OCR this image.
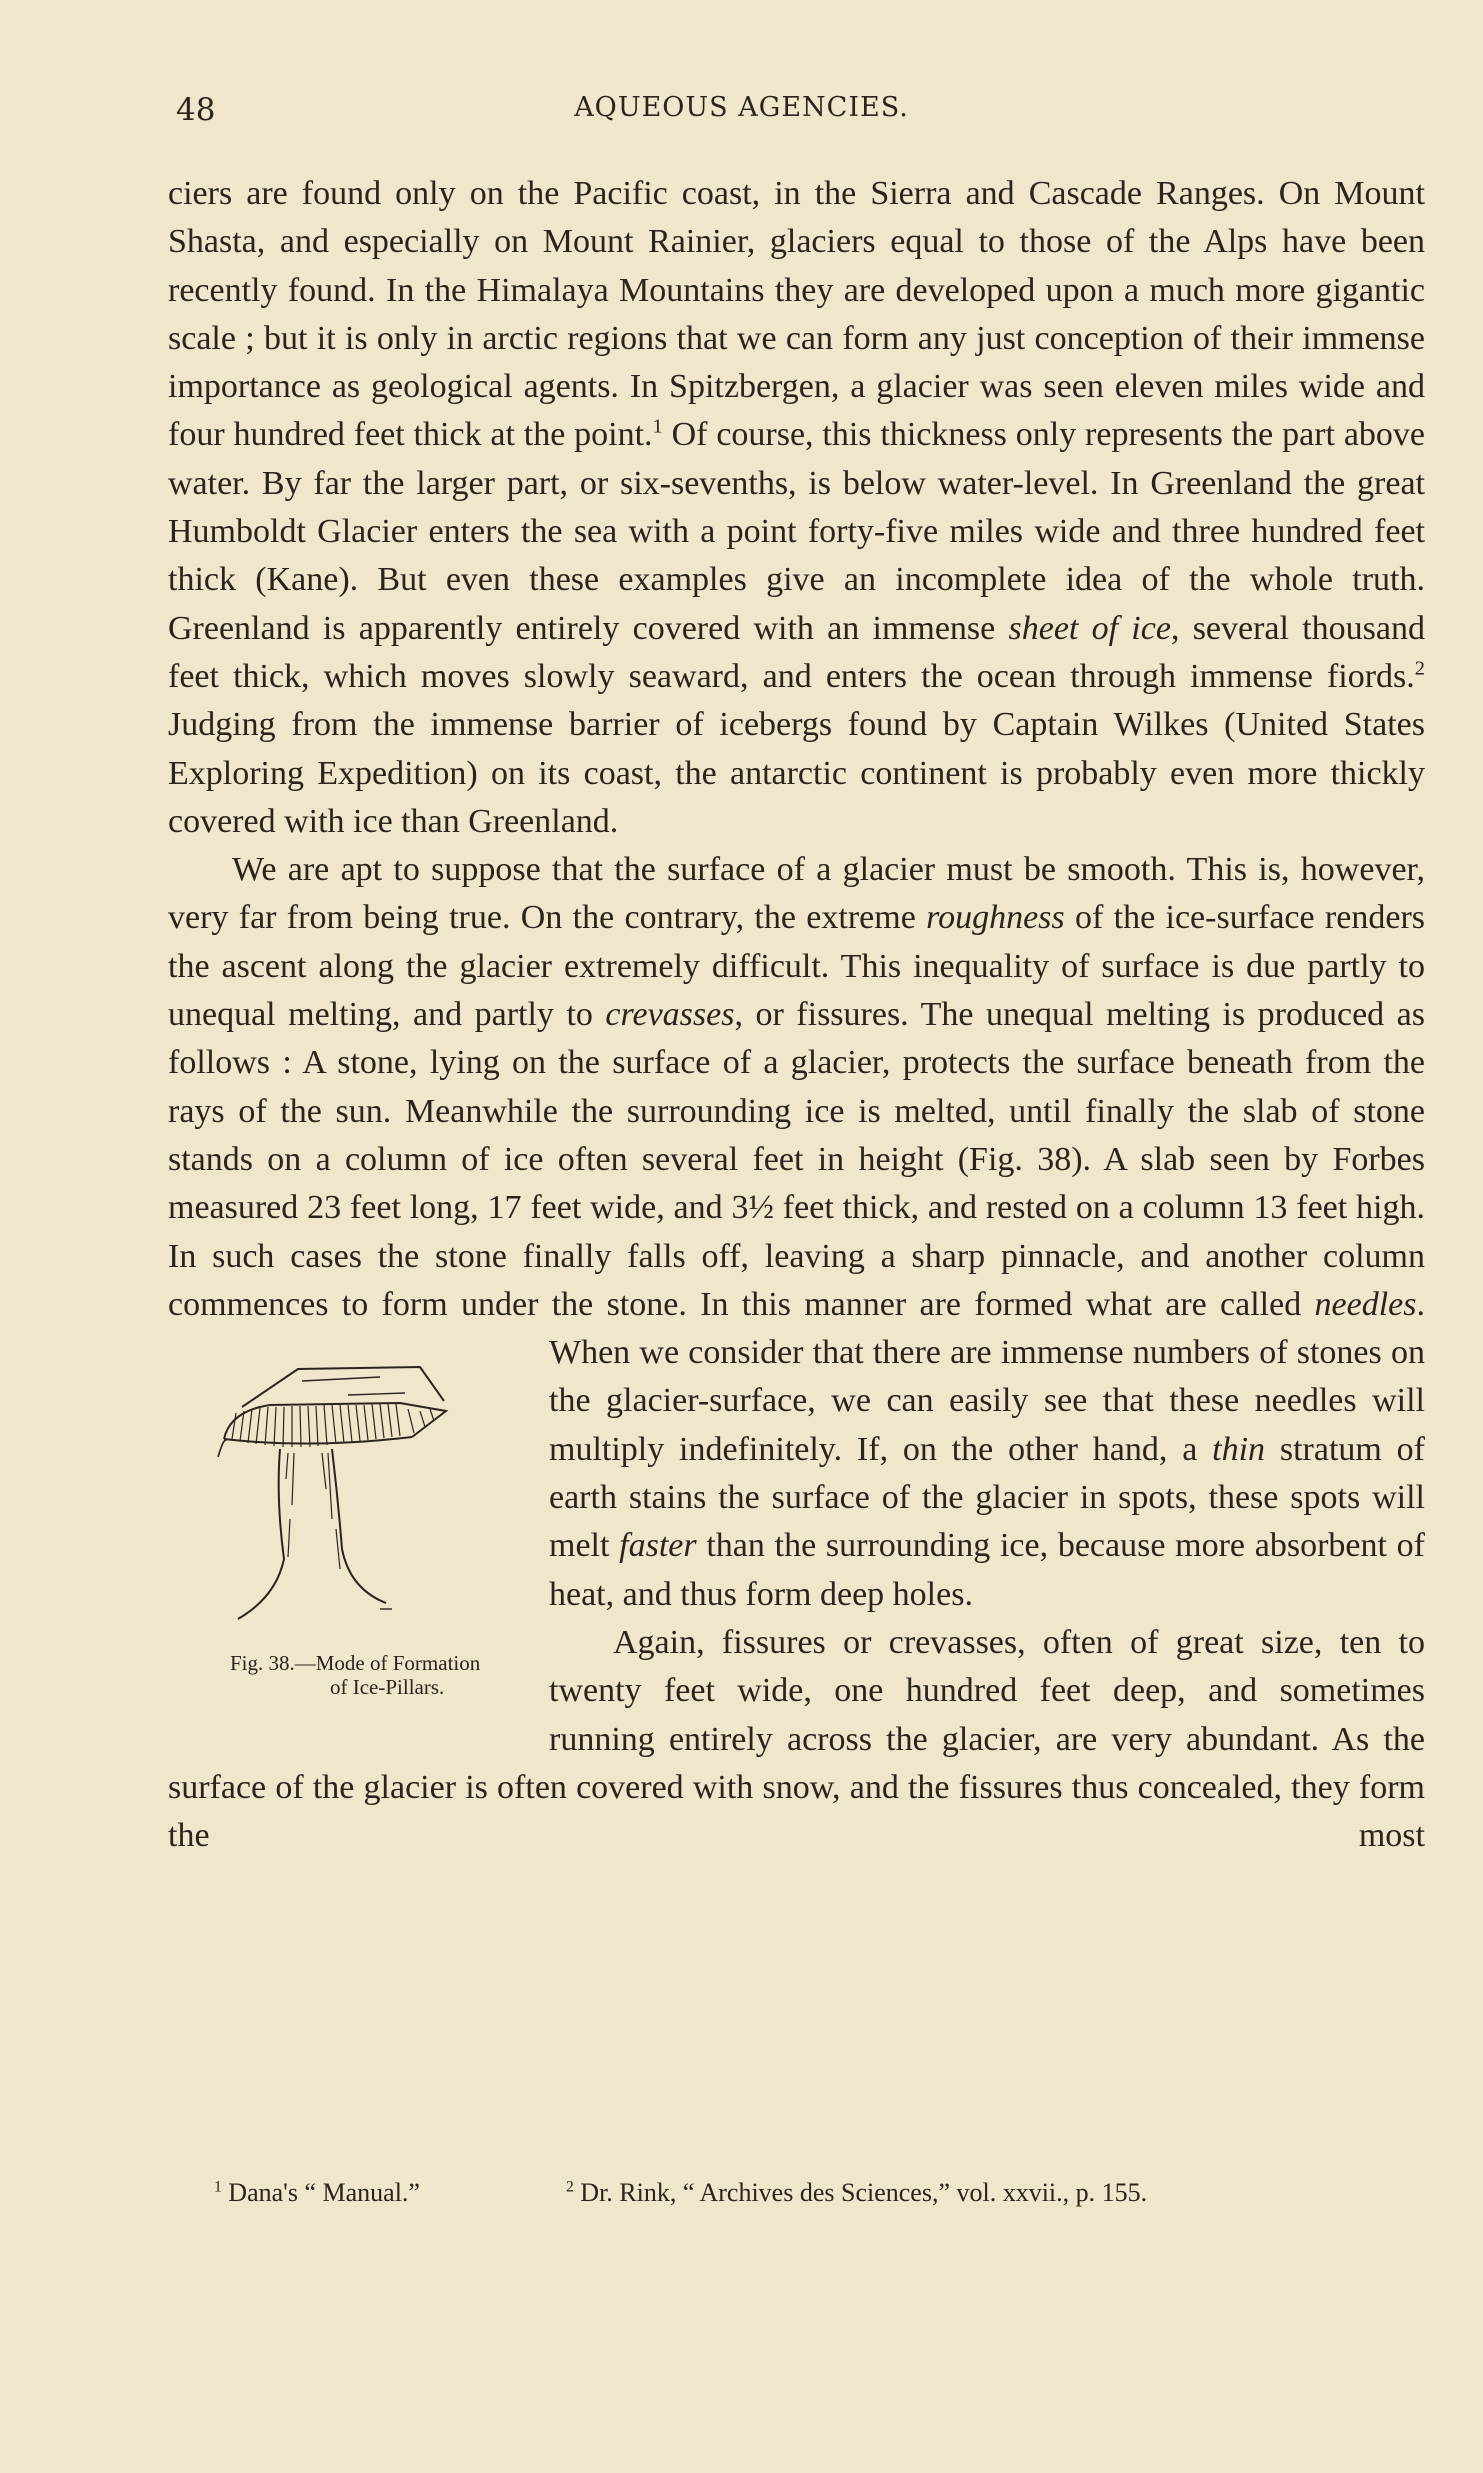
48	AQUEOUS AGENCIES.

ciers are found only on the Pacific coast, in the Sierra and Cascade Ranges. On Mount Shasta, and especially on Mount Rainier, glaciers equal to those of the Alps have been recently found. In the Himalaya Mountains they are developed upon a much more gigantic scale ; but it is only in arctic regions that we can form any just conception of their immense importance as geological agents. In Spitzbergen, a glacier was seen eleven miles wide and four hundred feet thick at the point.$^1$ Of course, this thickness only represents the part above water. By far the larger part, or six-sevenths, is below water-level. In Greenland the great Humboldt Glacier enters the sea with a point forty-five miles wide and three hundred feet thick (Kane). But even these examples give an incomplete idea of the whole truth. Greenland is apparently entirely covered with an immense sheet of ice, several thousand feet thick, which moves slowly seaward, and enters the ocean through immense fiords.$^2$ Judging from the immense barrier of icebergs found by Captain Wilkes (United States Exploring Expedition) on its coast, the antarctic continent is probably even more thickly covered with ice than Greenland.

We are apt to suppose that the surface of a glacier must be smooth. This is, however, very far from being true. On the contrary, the extreme roughness of the ice-surface renders the ascent along the glacier extremely difficult. This inequality of surface is due partly to unequal melting, and partly to crevasses, or fissures. The unequal melting is produced as follows : A stone, lying on the surface of a glacier, protects the surface beneath from the rays of the sun. Meanwhile the surrounding ice is melted, until finally the slab of stone stands on a column of ice often several feet in height (Fig. 38). A slab seen by Forbes measured 23 feet long, 17 feet wide, and 3½ feet thick, and rested on a column 13 feet high. In such cases the stone finally falls off, leaving a sharp pinnacle, and another column commences to form under the stone. In this manner are formed what are called
Fig. 38.—Mode of Formation
of Ice-Pillars.
needles. When we consider that there are immense numbers of stones on the glacier-surface, we can easily see that these needles will multiply indefinitely. If, on the other hand, a thin stratum of earth stains the surface of the glacier in spots, these spots will melt faster than the surrounding ice, because more absorbent of heat, and thus form deep holes.

Again, fissures or crevasses, often of great size, ten to twenty feet wide, one hundred feet deep, and sometimes running entirely across the glacier, are very abundant. As the surface of the glacier is often covered with snow, and the fissures thus concealed, they form the most

$^1$ Dana's “ Manual.”	$^2$ Dr. Rink, “ Archives des Sciences,” vol. xxvii., p. 155.
